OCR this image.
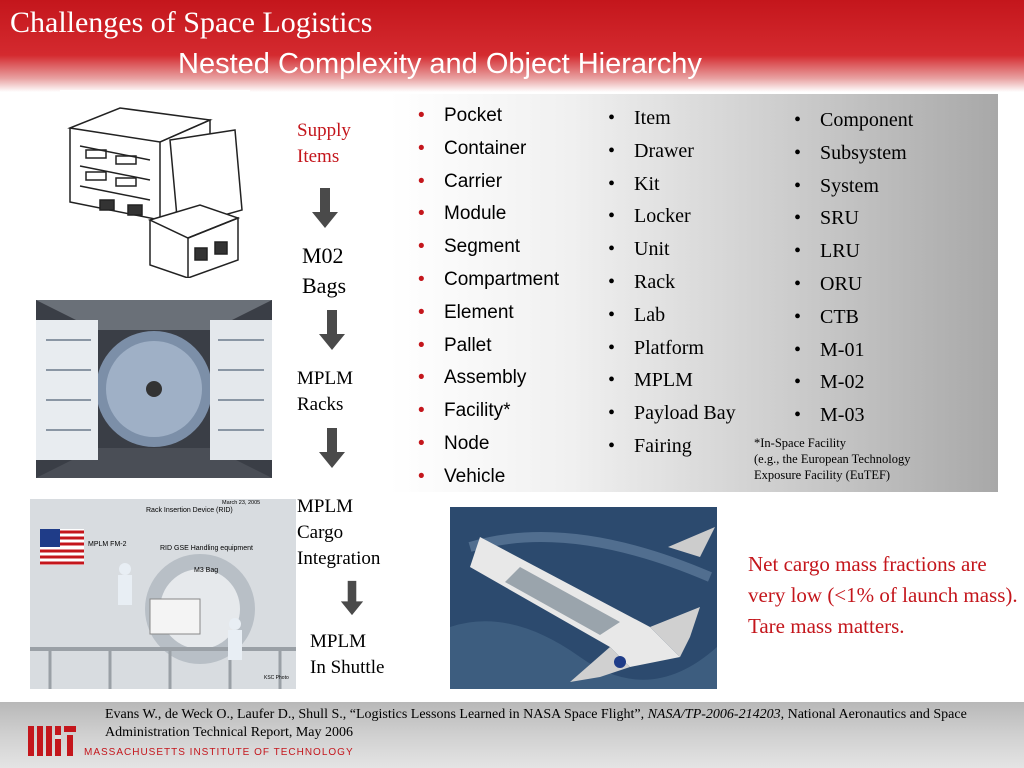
Challenges of Space Logistics
Nested Complexity and Object Hierarchy
Rack Insertion Device (RID)
March 23, 2005
MPLM FM-2
RID GSE Handling equipment
M3 Bag
KSC Photo
Supply
Items
M02
Bags
MPLM
Racks
MPLM
Cargo
Integration
MPLM
In Shuttle
• Pocket
• Container
• Carrier
• Module
• Segment
• Compartment
• Element
• Pallet
• Assembly
• Facility*
• Node
• Vehicle
• Item
• Drawer
• Kit
• Locker
• Unit
• Rack
• Lab
• Platform
• MPLM
• Payload Bay
• Fairing
• Component
• Subsystem
• System
• SRU
• LRU
• ORU
• CTB
• M-01
• M-02
• M-03
*In-Space Facility
(e.g., the European Technology
Exposure Facility (EuTEF)
Net cargo mass fractions are very low (<1% of launch mass).
Tare mass matters.
Evans W., de Weck O., Laufer D., Shull S., “Logistics Lessons Learned in NASA Space Flight”, NASA/TP-2006-214203, National Aeronautics and Space Administration Technical Report, May 2006
MASSACHUSETTS INSTITUTE OF TECHNOLOGY
